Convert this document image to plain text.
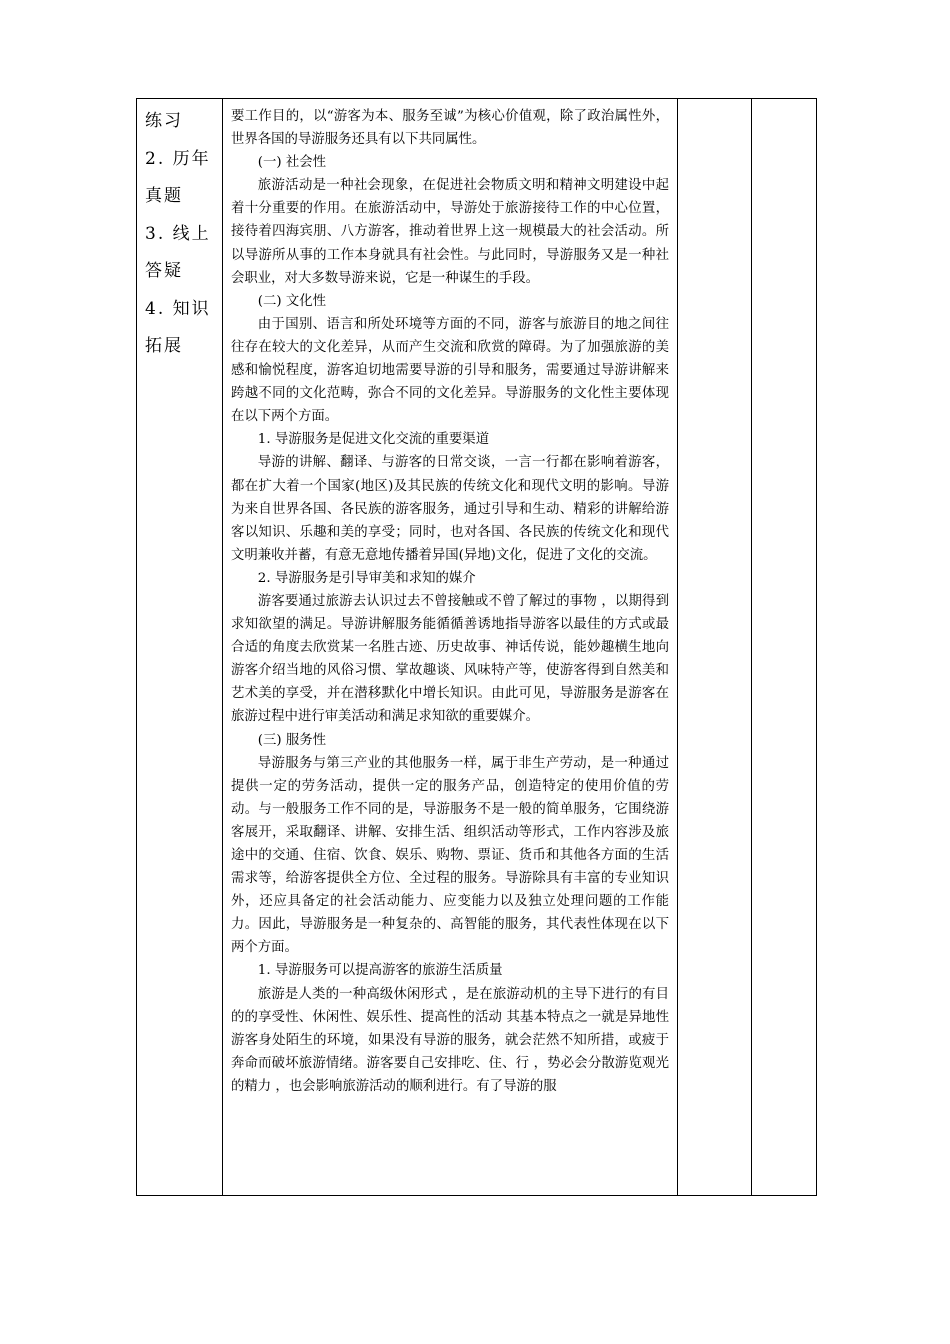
练习
2. 历年
真题
3. 线上
答疑
4. 知识
拓展

要工作目的，以“游客为本、服务至诚”为核心价值观，除了政治属性外，世界各国的导游服务还具有以下共同属性。

(一) 社会性

旅游活动是一种社会现象，在促进社会物质文明和精神文明建设中起着十分重要的作用。在旅游活动中，导游处于旅游接待工作的中心位置，接待着四海宾朋、八方游客，推动着世界上这一规模最大的社会活动。所以导游所从事的工作本身就具有社会性。与此同时，导游服务又是一种社会职业，对大多数导游来说，它是一种谋生的手段。

(二) 文化性

由于国别、语言和所处环境等方面的不同，游客与旅游目的地之间往往存在较大的文化差异，从而产生交流和欣赏的障碍。为了加强旅游的美感和愉悦程度，游客迫切地需要导游的引导和服务，需要通过导游讲解来跨越不同的文化范畴，弥合不同的文化差异。导游服务的文化性主要体现在以下两个方面。

1. 导游服务是促进文化交流的重要渠道

导游的讲解、翻译、与游客的日常交谈，一言一行都在影响着游客，都在扩大着一个国家(地区)及其民族的传统文化和现代文明的影响。导游为来自世界各国、各民族的游客服务，通过引导和生动、精彩的讲解给游客以知识、乐趣和美的享受；同时，也对各国、各民族的传统文化和现代文明兼收并蓄，有意无意地传播着异国(异地)文化，促进了文化的交流。

2. 导游服务是引导审美和求知的媒介

游客要通过旅游去认识过去不曾接触或不曾了解过的事物 ，以期得到求知欲望的满足。导游讲解服务能循循善诱地指导游客以最佳的方式或最合适的角度去欣赏某一名胜古迹、历史故事、神话传说，能妙趣横生地向游客介绍当地的风俗习惯、掌故趣谈、风味特产等，使游客得到自然美和艺术美的享受，并在潜移默化中增长知识。由此可见，导游服务是游客在旅游过程中进行审美活动和满足求知欲的重要媒介。

(三) 服务性

导游服务与第三产业的其他服务一样，属于非生产劳动，是一种通过提供一定的劳务活动，提供一定的服务产品，创造特定的使用价值的劳动。与一般服务工作不同的是，导游服务不是一般的简单服务，它围绕游客展开，采取翻译、讲解、安排生活、组织活动等形式，工作内容涉及旅途中的交通、住宿、饮食、娱乐、购物、票证、货币和其他各方面的生活需求等，给游客提供全方位、全过程的服务。导游除具有丰富的专业知识外，还应具备定的社会活动能力、应变能力以及独立处理问题的工作能力。因此，导游服务是一种复杂的、高智能的服务，其代表性体现在以下两个方面。

1. 导游服务可以提高游客的旅游生活质量

旅游是人类的一种高级休闲形式 ，是在旅游动机的主导下进行的有目的的享受性、休闲性、娱乐性、提高性的活动 其基本特点之一就是异地性游客身处陌生的环境，如果没有导游的服务，就会茫然不知所措，或疲于奔命而破坏旅游情绪。游客要自己安排吃、住、行 ，势必会分散游览观光的精力 ，也会影响旅游活动的顺利进行。有了导游的服
